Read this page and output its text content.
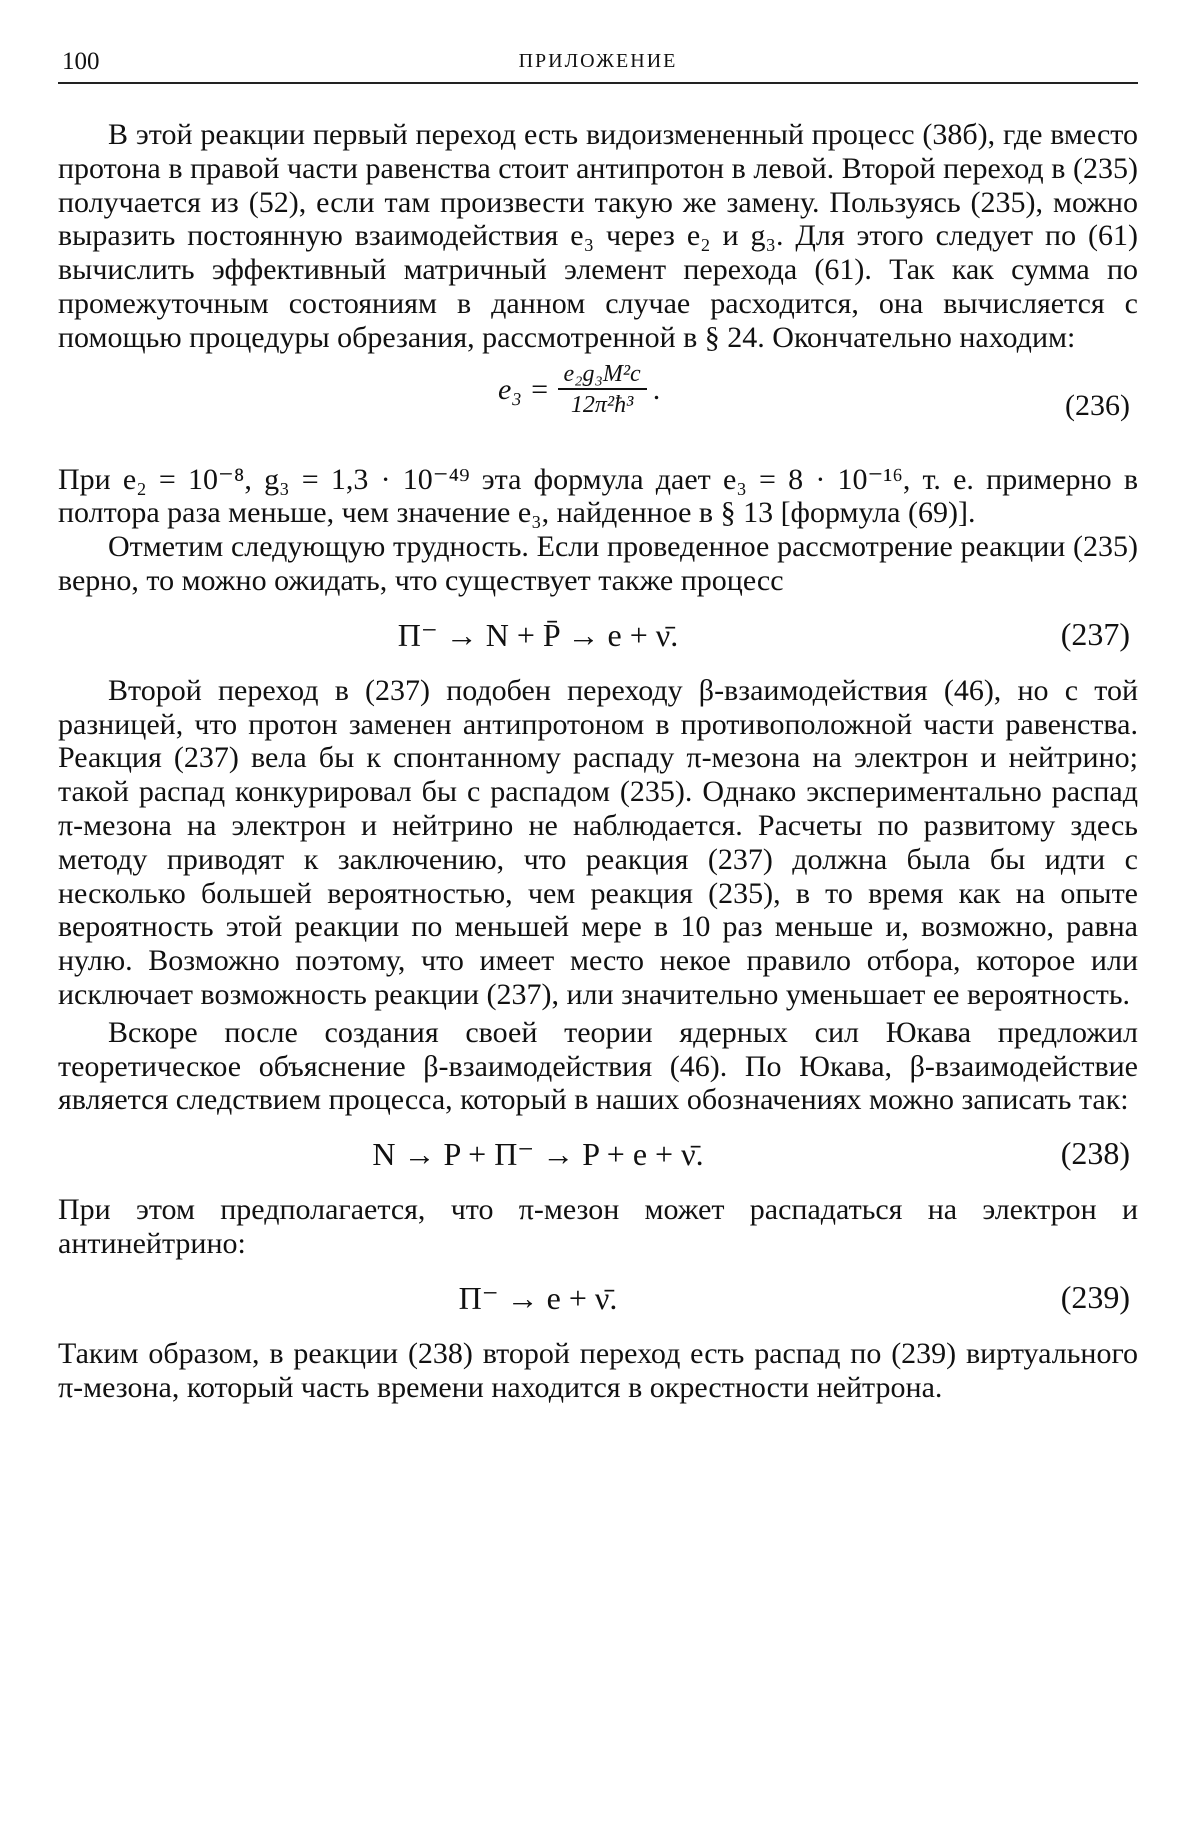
100	ПРИЛОЖЕНИЕ

В этой реакции первый переход есть видоизмененный процесс (38б), где вместо протона в правой части равенства стоит антипротон в левой. Второй переход в (235) получается из (52), если там произвести такую же замену. Пользуясь (235), можно выразить постоянную взаимодействия e₃ через e₂ и g₃. Для этого следует по (61) вычислить эффективный матричный элемент перехода (61). Так как сумма по промежуточным состояниям в данном случае расходится, она вычисляется с помощью процедуры обрезания, рассмотренной в § 24. Окончательно находим:

$e_3 = \frac{\text{e₂g₃M²c}}{\text{12π²ħ³}}$ .	(236)

При e₂ = 10⁻⁸, g₃ = 1,3 · 10⁻⁴⁹ эта формула дает e₃ = 8 · 10⁻¹⁶, т. е. примерно в полтора раза меньше, чем значение e₃, найденное в § 13 [формула (69)].

Отметим следующую трудность. Если проведенное рассмотрение реакции (235) верно, то можно ожидать, что существует также процесс

Π⁻ → N + P̄ → e + ν̄.	(237)

Второй переход в (237) подобен переходу β-взаимодействия (46), но с той разницей, что протон заменен антипротоном в противоположной части равенства. Реакция (237) вела бы к спонтанному распаду π-мезона на электрон и нейтрино; такой распад конкурировал бы с распадом (235). Однако экспериментально распад π-мезона на электрон и нейтрино не наблюдается. Расчеты по развитому здесь методу приводят к заключению, что реакция (237) должна была бы идти с несколько большей вероятностью, чем реакция (235), в то время как на опыте вероятность этой реакции по меньшей мере в 10 раз меньше и, возможно, равна нулю. Возможно поэтому, что имеет место некое правило отбора, которое или исключает возможность реакции (237), или значительно уменьшает ее вероятность.

Вскоре после создания своей теории ядерных сил Юкава предложил теоретическое объяснение β-взаимодействия (46). По Юкава, β-взаимодействие является следствием процесса, который в наших обозначениях можно записать так:

N → P + Π⁻ → P + e + ν̄.	(238)

При этом предполагается, что π-мезон может распадаться на электрон и антинейтрино:

Π⁻ → e + ν̄.	(239)

Таким образом, в реакции (238) второй переход есть распад по (239) виртуального π-мезона, который часть времени находится в окрестности нейтрона.
